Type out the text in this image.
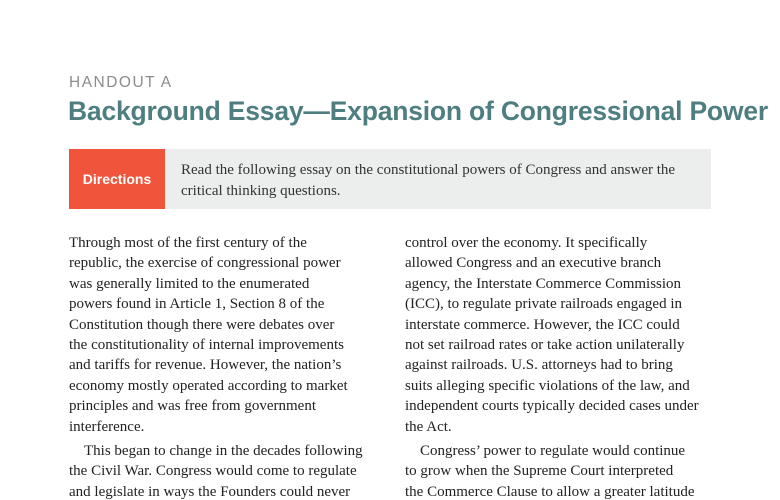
HANDOUT A
Background Essay—Expansion of Congressional Power
Directions
Read the following essay on the constitutional powers of Congress and answer the
critical thinking questions.

Through most of the first century of the
republic, the exercise of congressional power
was generally limited to the enumerated
powers found in Article 1, Section 8 of the
Constitution though there were debates over
the constitutionality of internal improvements
and tariffs for revenue. However, the nation’s
economy mostly operated according to market
principles and was free from government
interference.

This began to change in the decades following
the Civil War. Congress would come to regulate
and legislate in ways the Founders could never

control over the economy. It specifically
allowed Congress and an executive branch
agency, the Interstate Commerce Commission
(ICC), to regulate private railroads engaged in
interstate commerce. However, the ICC could
not set railroad rates or take action unilaterally
against railroads. U.S. attorneys had to bring
suits alleging specific violations of the law, and
independent courts typically decided cases under
the Act.

Congress’ power to regulate would continue
to grow when the Supreme Court interpreted
the Commerce Clause to allow a greater latitude
